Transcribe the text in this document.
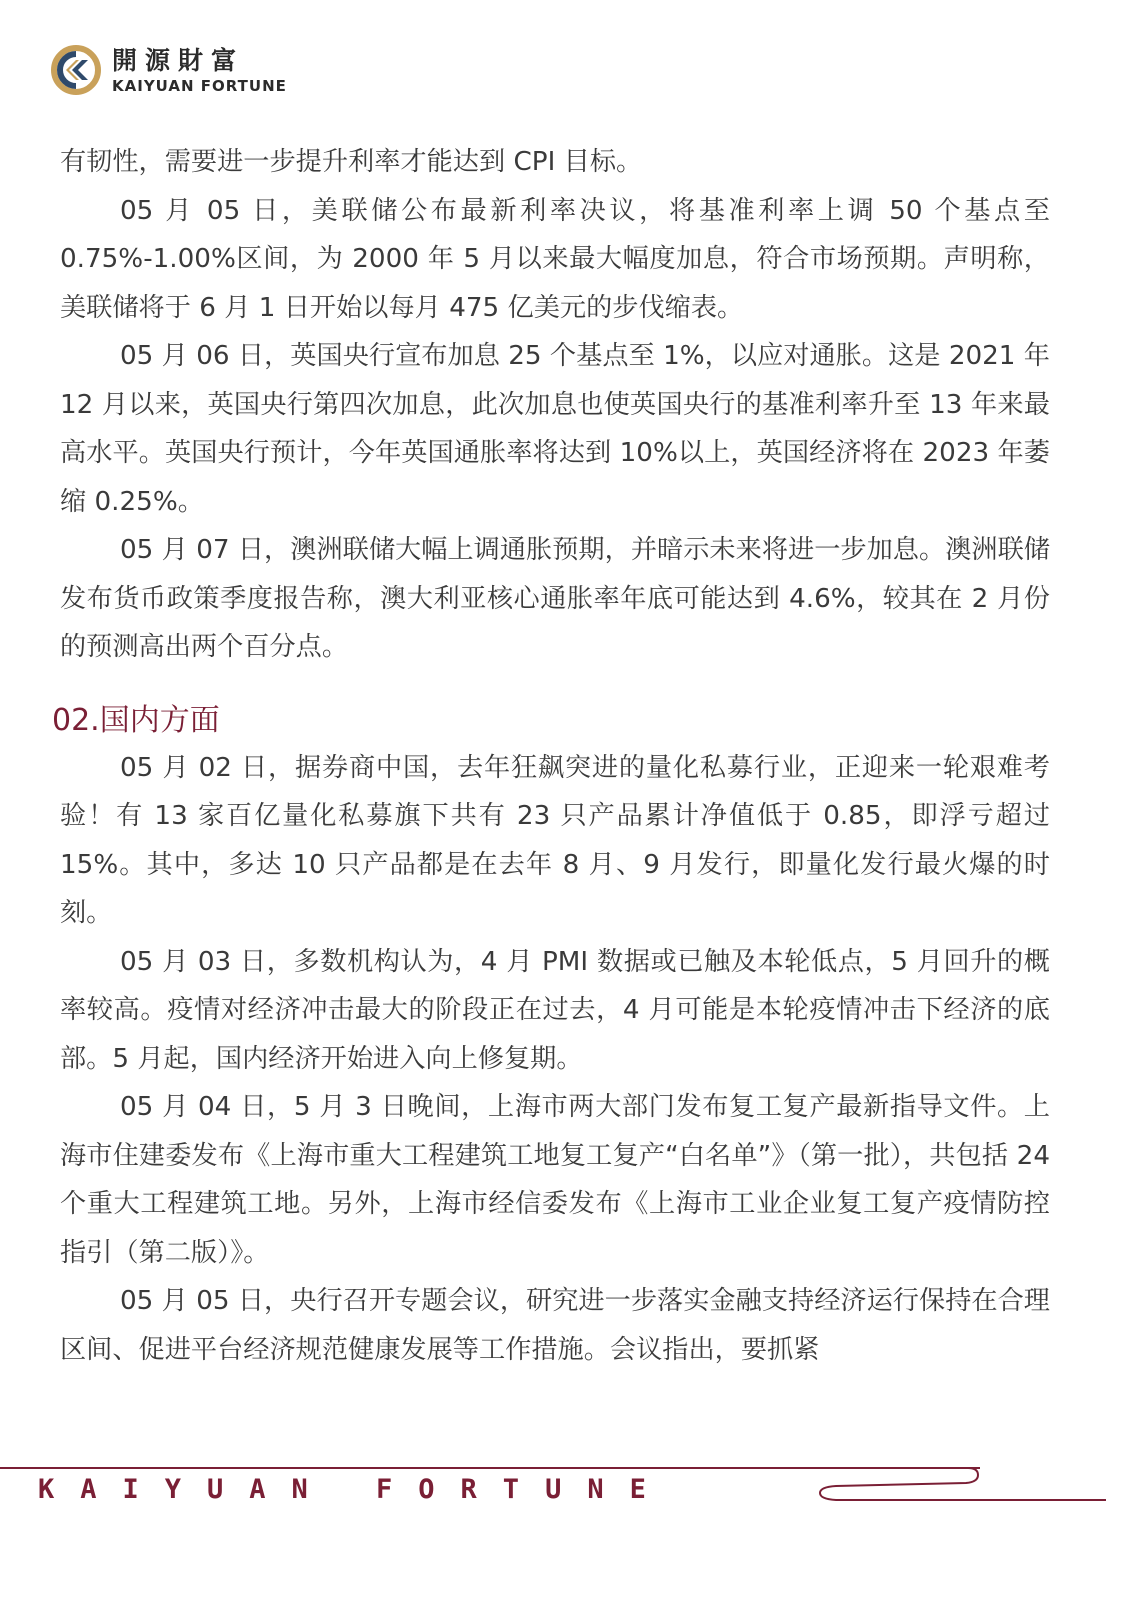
開源財富
KAIYUAN FORTUNE

有韧性，需要进一步提升利率才能达到 CPI 目标。

05 月 05 日，美联储公布最新利率决议，将基准利率上调 50 个基点至 0.75%-1.00%区间，为 2000 年 5 月以来最大幅度加息，符合市场预期。声明称，美联储将于 6 月 1 日开始以每月 475 亿美元的步伐缩表。

05 月 06 日，英国央行宣布加息 25 个基点至 1%，以应对通胀。这是 2021 年 12 月以来，英国央行第四次加息，此次加息也使英国央行的基准利率升至 13 年来最高水平。英国央行预计，今年英国通胀率将达到 10%以上，英国经济将在 2023 年萎缩 0.25%。

05 月 07 日，澳洲联储大幅上调通胀预期，并暗示未来将进一步加息。澳洲联储发布货币政策季度报告称，澳大利亚核心通胀率年底可能达到 4.6%，较其在 2 月份的预测高出两个百分点。

02.国内方面

05 月 02 日，据券商中国，去年狂飙突进的量化私募行业，正迎来一轮艰难考验！有 13 家百亿量化私募旗下共有 23 只产品累计净值低于 0.85，即浮亏超过 15%。其中，多达 10 只产品都是在去年 8 月、9 月发行，即量化发行最火爆的时刻。

05 月 03 日，多数机构认为，4 月 PMI 数据或已触及本轮低点，5 月回升的概率较高。疫情对经济冲击最大的阶段正在过去，4 月可能是本轮疫情冲击下经济的底部。5 月起，国内经济开始进入向上修复期。

05 月 04 日，5 月 3 日晚间，上海市两大部门发布复工复产最新指导文件。上海市住建委发布《上海市重大工程建筑工地复工复产“白名单”》（第一批），共包括 24 个重大工程建筑工地。另外，上海市经信委发布《上海市工业企业复工复产疫情防控指引（第二版）》。

05 月 05 日，央行召开专题会议，研究进一步落实金融支持经济运行保持在合理区间、促进平台经济规范健康发展等工作措施。会议指出，要抓紧

KAIYUAN FORTUNE
